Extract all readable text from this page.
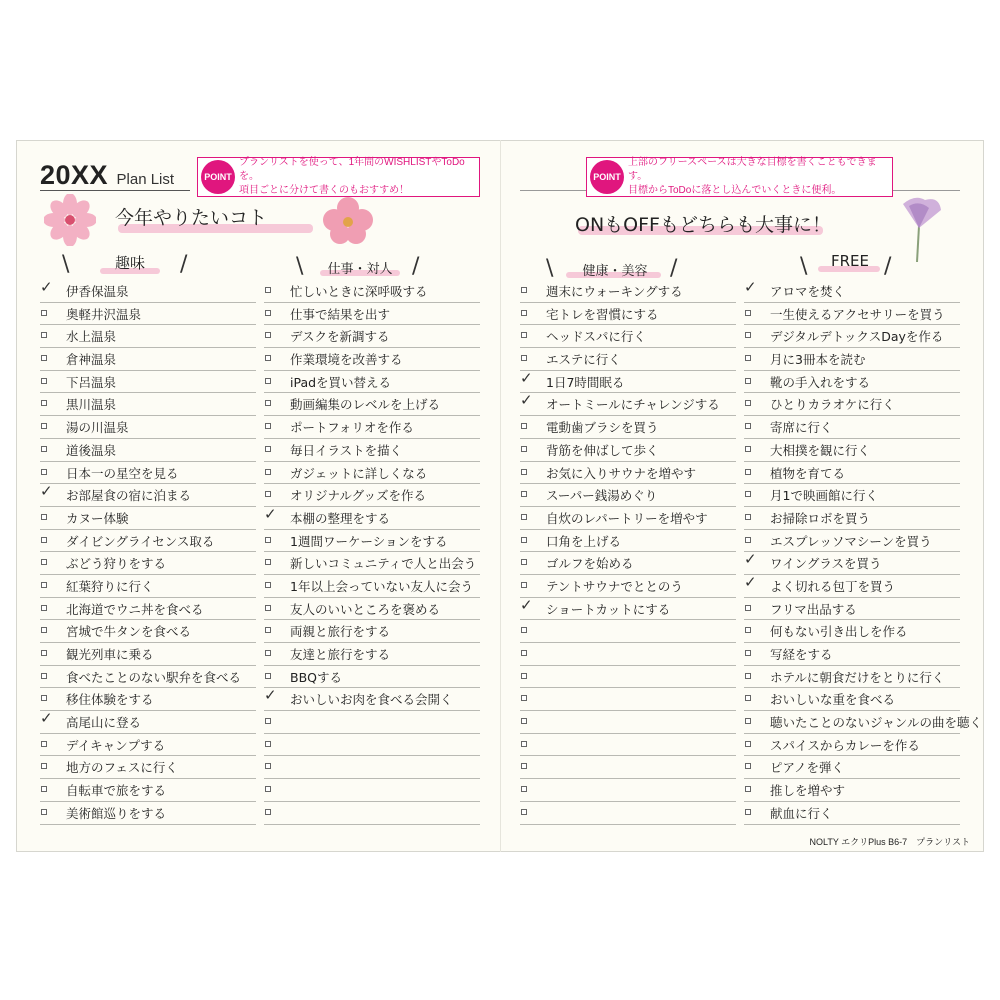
20XX Plan List	POINT
プランリストを使って、1年間のWISHLISTやToDoを。
項目ごとに分けて書くのもおすすめ！
POINT
上部のフリースペースは大きな目標を書くこともできます。
目標からToDoに落とし込んでいくときに便利。
今年やりたいコト	ONもOFFもどちらも大事に！
\	趣味	/	\	仕事・対人 /	\	健康・美容	/	\	FREE /
✓ 伊香保温泉
奥軽井沢温泉
水上温泉
倉神温泉
下呂温泉
黒川温泉
湯の川温泉
道後温泉
日本一の星空を見る
✓ お部屋食の宿に泊まる
カヌー体験
ダイビングライセンス取る
ぶどう狩りをする
紅葉狩りに行く
北海道でウニ丼を食べる
宮城で牛タンを食べる
観光列車に乗る
食べたことのない駅弁を食べる
移住体験をする
✓ 高尾山に登る
デイキャンプする
地方のフェスに行く
自転車で旅をする
美術館巡りをする
忙しいときに深呼吸する
仕事で結果を出す
デスクを新調する
作業環境を改善する
iPadを買い替える
動画編集のレベルを上げる
ポートフォリオを作る
毎日イラストを描く
ガジェットに詳しくなる
オリジナルグッズを作る
✓ 本棚の整理をする
1週間ワーケーションをする
新しいコミュニティで人と出会う
1年以上会っていない友人に会う
友人のいいところを褒める
両親と旅行をする
友達と旅行をする
BBQする
✓ おいしいお肉を食べる会開く
週末にウォーキングする
宅トレを習慣にする
ヘッドスパに行く
エステに行く
✓ 1日7時間眠る
✓ オートミールにチャレンジする
電動歯ブラシを買う
背筋を伸ばして歩く
お気に入りサウナを増やす
スーパー銭湯めぐり
自炊のレパートリーを増やす
口角を上げる
ゴルフを始める
テントサウナでととのう
✓ ショートカットにする
✓ アロマを焚く
一生使えるアクセサリーを買う
デジタルデトックスDayを作る
月に3冊本を読む
靴の手入れをする
ひとりカラオケに行く
寄席に行く
大相撲を観に行く
植物を育てる
月1で映画館に行く
お掃除ロボを買う
エスプレッソマシーンを買う
✓ ワイングラスを買う
✓ よく切れる包丁を買う
フリマ出品する
何もない引き出しを作る
写経をする
ホテルに朝食だけをとりに行く
おいしいな重を食べる
聴いたことのないジャンルの曲を聴く
スパイスからカレーを作る
ピアノを弾く
推しを増やす
献血に行く
NOLTY エクリPlus B6-7　プランリスト
